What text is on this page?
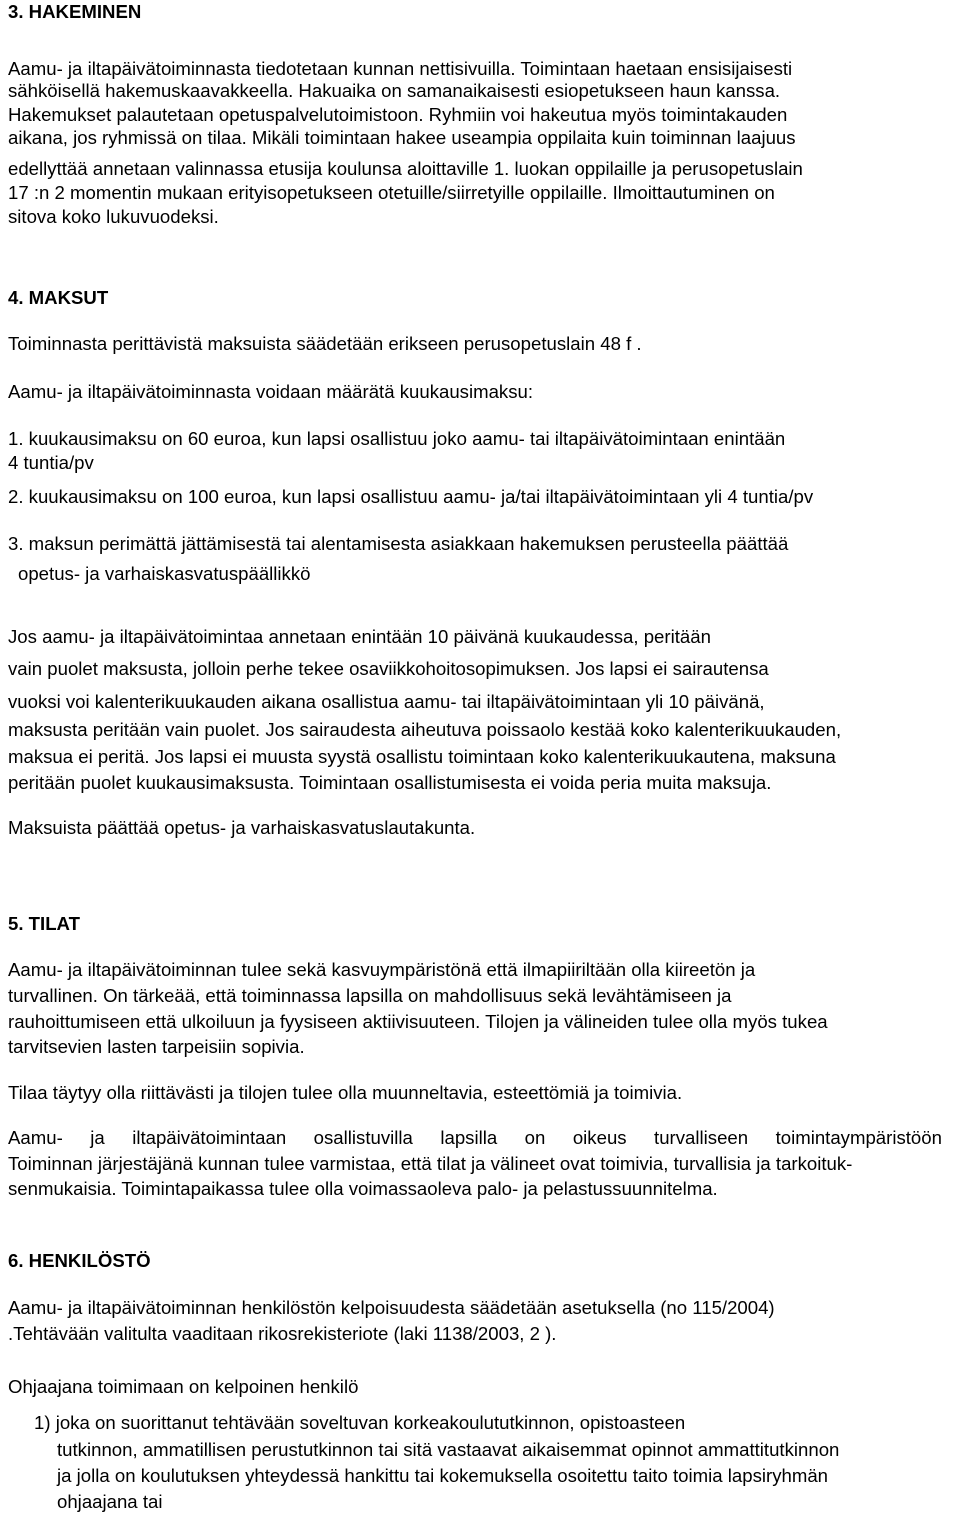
3. HAKEMINEN

Aamu- ja iltapäivätoiminnasta tiedotetaan kunnan nettisivuilla. Toimintaan haetaan ensisijaisesti

sähköisellä hakemuskaavakkeella. Hakuaika on samanaikaisesti esiopetukseen haun kanssa.

Hakemukset palautetaan opetuspalvelutoimistoon. Ryhmiin voi hakeutua myös toimintakauden

aikana, jos ryhmissä on tilaa. Mikäli toimintaan hakee useampia oppilaita kuin toiminnan laajuus

edellyttää annetaan valinnassa etusija koulunsa aloittaville 1. luokan oppilaille ja perusopetuslain

17 :n 2 momentin mukaan erityisopetukseen otetuille/siirretyille oppilaille. Ilmoittautuminen on

sitova koko lukuvuodeksi.

4. MAKSUT

Toiminnasta perittävistä maksuista säädetään erikseen perusopetuslain 48 f .

Aamu- ja iltapäivätoiminnasta voidaan määrätä kuukausimaksu:

1. kuukausimaksu on 60 euroa, kun lapsi osallistuu joko aamu- tai iltapäivätoimintaan enintään

4 tuntia/pv

2. kuukausimaksu on 100 euroa, kun lapsi osallistuu aamu- ja/tai iltapäivätoimintaan yli 4 tuntia/pv

3. maksun perimättä jättämisestä tai alentamisesta asiakkaan hakemuksen perusteella päättää

opetus- ja varhaiskasvatuspäällikkö

Jos aamu- ja iltapäivätoimintaa annetaan enintään 10 päivänä kuukaudessa, peritään

vain puolet maksusta, jolloin perhe tekee osaviikkohoitosopimuksen. Jos lapsi ei sairautensa

vuoksi voi kalenterikuukauden aikana osallistua aamu- tai iltapäivätoimintaan yli 10 päivänä,

maksusta peritään vain puolet. Jos sairaudesta aiheutuva poissaolo kestää koko kalenterikuukauden,

maksua ei peritä. Jos lapsi ei muusta syystä osallistu toimintaan koko kalenterikuukautena, maksuna

peritään puolet kuukausimaksusta. Toimintaan osallistumisesta ei voida peria muita maksuja.

Maksuista päättää opetus- ja varhaiskasvatuslautakunta.

5. TILAT

Aamu- ja iltapäivätoiminnan tulee sekä kasvuympäristönä että ilmapiiriltään olla kiireetön ja

turvallinen. On tärkeää, että toiminnassa lapsilla on mahdollisuus sekä levähtämiseen ja

rauhoittumiseen että ulkoiluun ja fyysiseen aktiivisuuteen. Tilojen ja välineiden tulee olla myös tukea

tarvitsevien lasten tarpeisiin sopivia.

Tilaa täytyy olla riittävästi ja tilojen tulee olla muunneltavia, esteettömiä ja toimivia.

Aamu- ja iltapäivätoimintaan osallistuvilla lapsilla on oikeus turvalliseen toimintaympäristöön

Toiminnan järjestäjänä kunnan tulee varmistaa, että tilat ja välineet ovat toimivia, turvallisia ja tarkoituk-

senmukaisia. Toimintapaikassa tulee olla voimassaoleva palo- ja pelastussuunnitelma.

6. HENKILÖSTÖ

Aamu- ja iltapäivätoiminnan henkilöstön kelpoisuudesta säädetään asetuksella (no 115/2004)

.Tehtävään valitulta vaaditaan rikosrekisteriote (laki 1138/2003, 2 ).

Ohjaajana toimimaan on kelpoinen henkilö

1) joka on suorittanut tehtävään soveltuvan korkeakoulututkinnon, opistoasteen

tutkinnon, ammatillisen perustutkinnon tai sitä vastaavat aikaisemmat opinnot ammattitutkinnon

ja jolla on koulutuksen yhteydessä hankittu tai kokemuksella osoitettu taito toimia lapsiryhmän

ohjaajana tai
